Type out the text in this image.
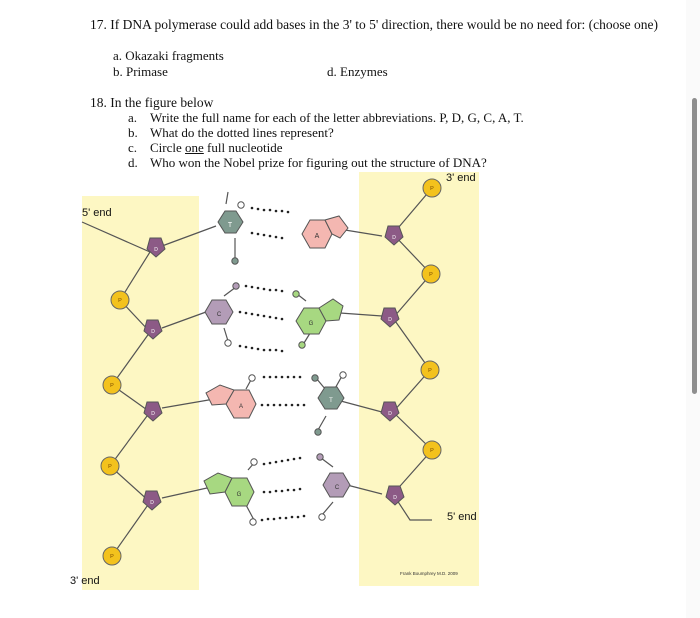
17. If DNA polymerase could add bases in the 3' to 5' direction, there would be no need for: (choose one)
a. Okazaki fragments
b. Primase	d. Enzymes
18. In the figure below
a. Write the full name for each of the letter abbreviations. P, D, G, C, A, T.
b. What do the dotted lines represent?
c. Circle one full nucleotide
d. Who won the Nobel prize for figuring out the structure of DNA?
5' end
3' end
3' end
5' end
Frank Boumphrey M.D. 2009
T
A
C
G
A
T
G
C
D
D
D
D
D
D
D
D
P
P
P
P
P
P
P
P
